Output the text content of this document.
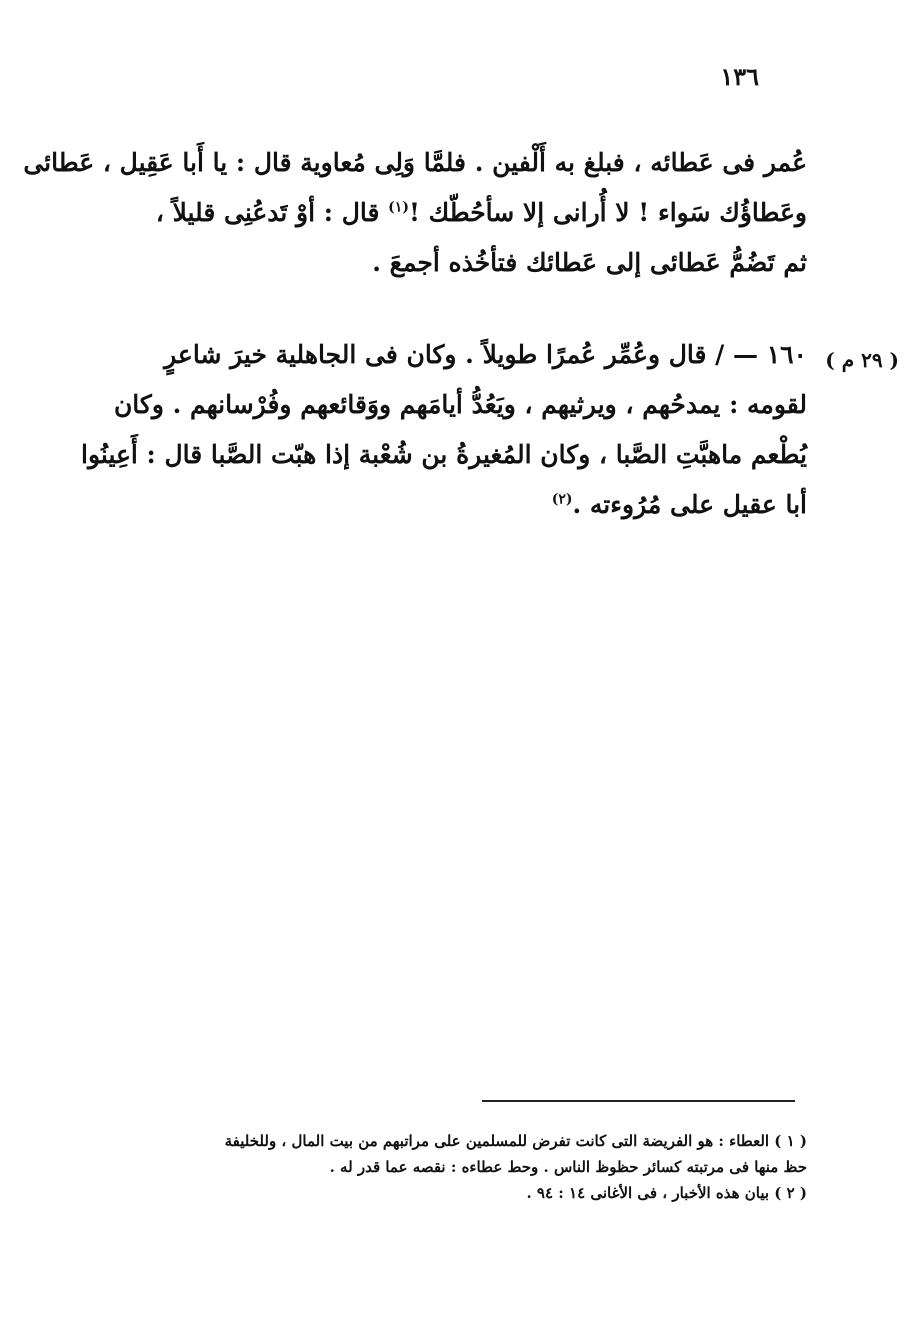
١٣٦
عُمر فى عَطائه ، فبلغ به أَلْفين . فلمَّا وَلِى مُعاوية قال : يا أَبا عَقِيل ، عَطائى
وعَطاؤُك سَواء ! لا أُرانى إلا سأحُطّك !$^{(١)}$ قال : أوْ تَدعُنِى قليلاً ،
ثم تَضُمُّ عَطائى إلى عَطائك فتأخُذه أجمعَ .
( ٢٩ م )
١٦٠ — / قال وعُمِّر عُمرًا طويلاً . وكان فى الجاهلية خيرَ شاعرٍ
لقومه : يمدحُهم ، ويرثيهم ، ويَعُدُّ أيامَهم ووَقائعهم وفُرْسانهم . وكان
يُطْعم ماهبَّتِ الصَّبا ، وكان المُغيرةُ بن شُعْبة إذا هبّت الصَّبا قال : أَعِينُوا
أبا عقيل على مُرُوءته .$^{(٢)}$
( ١ ) العطاء : هو الفريضة التى كانت تفرض للمسلمين على مراتبهم من بيت المال ، وللخليفة
حظ منها فى مرتبته كسائر حظوظ الناس . وحط عطاءه : نقصه عما قدر له .
( ٢ ) بيان هذه الأخبار ، فى الأغانى ١٤ : ٩٤ .
